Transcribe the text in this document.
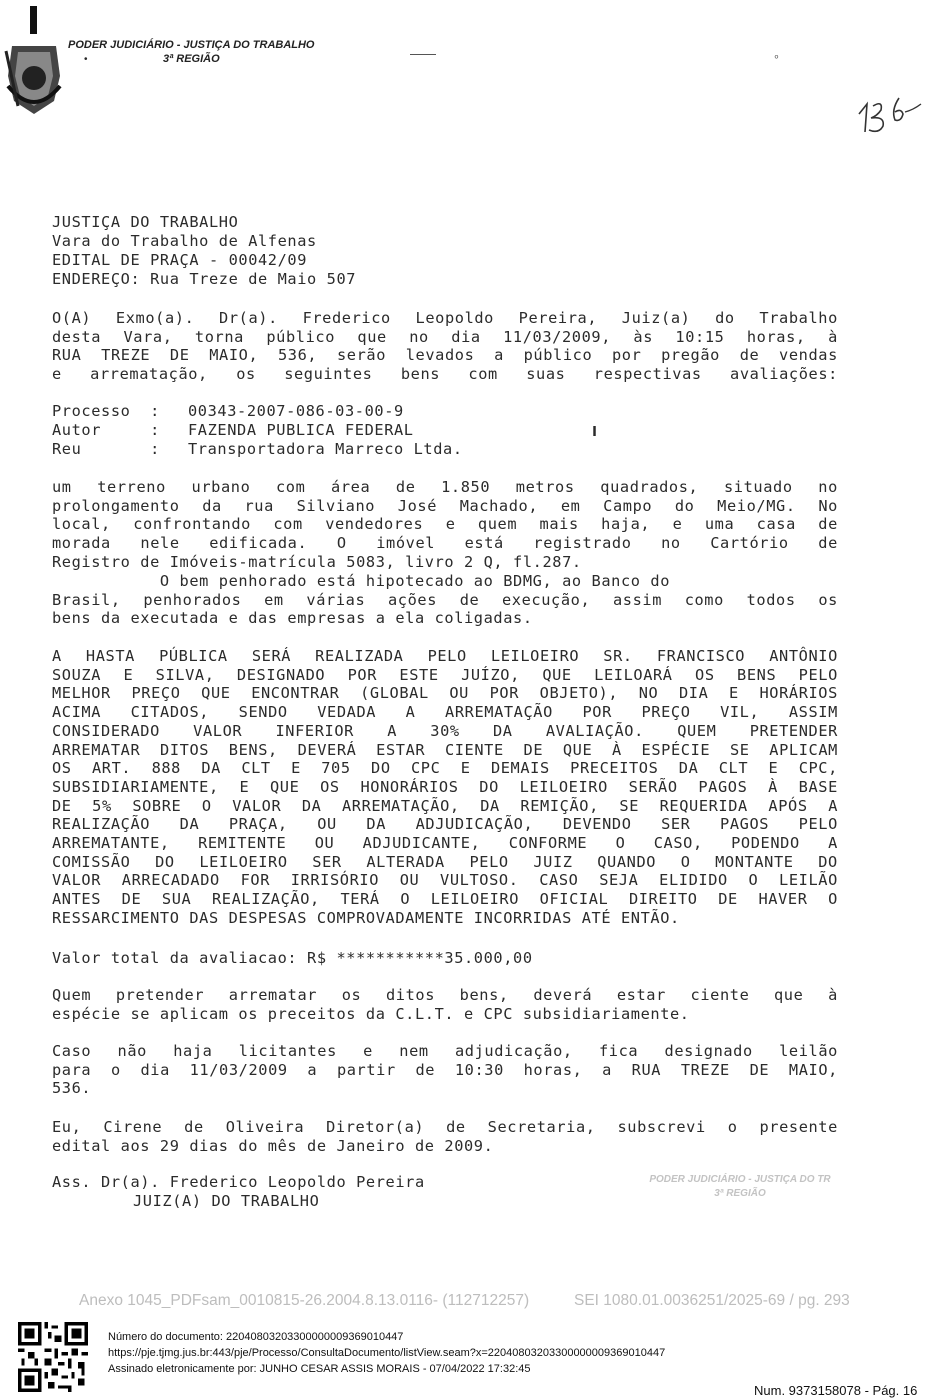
PODER JUDICIÁRIO - JUSTIÇA DO TRABALHO
•	3ª REGIÃO	∘
JUSTIÇA DO TRABALHO
Vara do Trabalho de Alfenas
EDITAL DE PRAÇA - 00042/09
ENDEREÇO: Rua Treze de Maio 507
O(A) Exmo(a). Dr(a). Frederico Leopoldo Pereira, Juiz(a) do Trabalho
desta Vara, torna público que no dia 11/03/2009, às 10:15 horas, à
RUA TREZE DE MAIO, 536, serão levados a público por pregão de vendas
e arrematação, os seguintes bens com suas respectivas avaliações:
Processo  : 00343-2007-086-03-00-9
Autor     : FAZENDA PUBLICA FEDERAL
Reu       : Transportadora Marreco Ltda.
ı
um terreno urbano com área de 1.850 metros quadrados, situado no
prolongamento da rua Silviano José Machado, em Campo do Meio/MG. No
local, confrontando com vendedores e quem mais haja, e uma casa de
morada nele edificada. O imóvel está registrado no Cartório de
Registro de Imóveis-matrícula 5083, livro 2 Q, fl.287.
O bem penhorado está hipotecado ao BDMG, ao Banco do
Brasil, penhorados em várias ações de execução, assim como todos os
bens da executada e das empresas a ela coligadas.
A HASTA PÚBLICA SERÁ REALIZADA PELO LEILOEIRO SR. FRANCISCO ANTÔNIO
SOUZA E SILVA, DESIGNADO POR ESTE JUÍZO, QUE LEILOARÁ OS BENS PELO
MELHOR PREÇO QUE ENCONTRAR (GLOBAL OU POR OBJETO), NO DIA E HORÁRIOS
ACIMA CITADOS, SENDO VEDADA A ARREMATAÇÃO POR PREÇO VIL, ASSIM
CONSIDERADO VALOR INFERIOR A 30% DA AVALIAÇÃO. QUEM PRETENDER
ARREMATAR DITOS BENS, DEVERÁ ESTAR CIENTE DE QUE À ESPÉCIE SE APLICAM
OS ART. 888 DA CLT E 705 DO CPC E DEMAIS PRECEITOS DA CLT E CPC,
SUBSIDIARIAMENTE, E QUE OS HONORÁRIOS DO LEILOEIRO SERÃO PAGOS À BASE
DE 5% SOBRE O VALOR DA ARREMATAÇÃO, DA REMIÇÃO, SE REQUERIDA APÓS A
REALIZAÇÃO DA PRAÇA, OU DA ADJUDICAÇÃO, DEVENDO SER PAGOS PELO
ARREMATANTE, REMITENTE OU ADJUDICANTE, CONFORME O CASO, PODENDO A
COMISSÃO DO LEILOEIRO SER ALTERADA PELO JUIZ QUANDO O MONTANTE DO
VALOR ARRECADADO FOR IRRISÓRIO OU VULTOSO. CASO SEJA ELIDIDO O LEILÃO
ANTES DE SUA REALIZAÇÃO, TERÁ O LEILOEIRO OFICIAL DIREITO DE HAVER O
RESSARCIMENTO DAS DESPESAS COMPROVADAMENTE INCORRIDAS ATÉ ENTÃO.
Valor total da avaliacao: R$ ***********35.000,00
Quem pretender arrematar os ditos bens, deverá estar ciente que à
espécie se aplicam os preceitos da C.L.T. e CPC subsidiariamente.
Caso não haja licitantes e nem adjudicação, fica designado leilão
para o dia 11/03/2009 a partir de 10:30 horas, a RUA TREZE DE MAIO,
536.
Eu, Cirene de Oliveira Diretor(a) de Secretaria, subscrevi o presente
edital aos 29 dias do mês de Janeiro de 2009.
Ass. Dr(a). Frederico Leopoldo Pereira
JUIZ(A) DO TRABALHO
PODER JUDICIÁRIO - JUSTIÇA DO TR
3ª REGIÃO
Anexo 1045_PDFsam_0010815-26.2004.8.13.0116- (112712257)	SEI 1080.01.0036251/2025-69 / pg. 293
Número do documento: 22040803203300000009369010447
https://pje.tjmg.jus.br:443/pje/Processo/ConsultaDocumento/listView.seam?x=22040803203300000009369010447
Assinado eletronicamente por: JUNHO CESAR ASSIS MORAIS - 07/04/2022 17:32:45
Num. 9373158078 - Pág. 16
